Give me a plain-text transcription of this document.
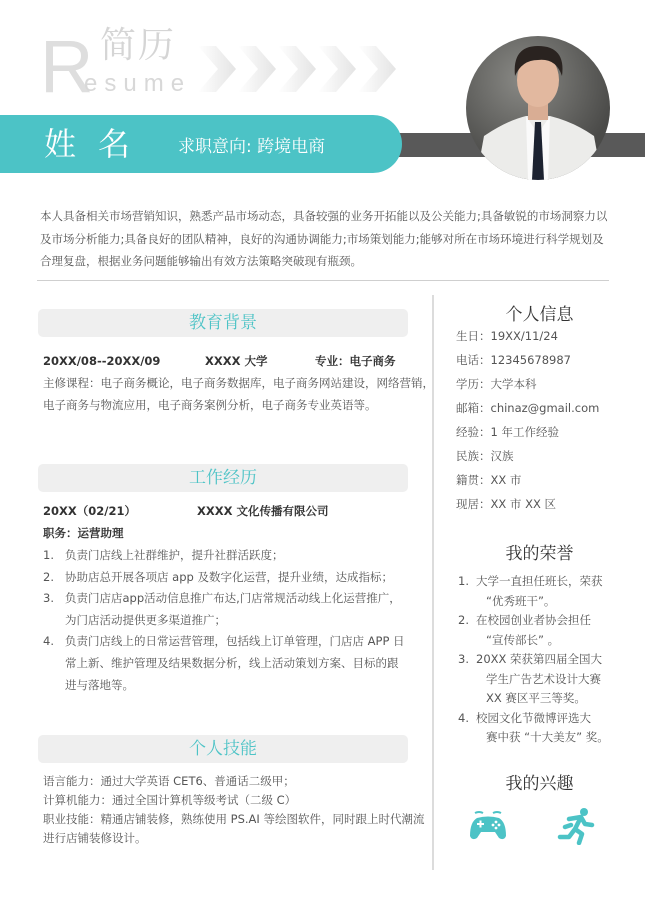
R 简历
esume
姓名 求职意向: 跨境电商
本人具备相关市场营销知识，熟悉产品市场动态，具备较强的业务开拓能以及公关能力;具备敏锐的市场洞察力以及市场分析能力;具备良好的团队精神，良好的沟通协调能力;市场策划能力;能够对所在市场环境进行科学规划及合理复盘，根据业务问题能够输出有效方法策略突破现有瓶颈。
教育背景
20XX/08--20XX/09	XXXX 大学	专业：电子商务
主修课程：电子商务概论，电子商务数据库，电子商务网站建设，网络营销，
电子商务与物流应用，电子商务案例分析，电子商务专业英语等。
工作经历
20XX（02/21）	XXXX 文化传播有限公司
职务：运营助理
1. 负责门店线上社群维护，提升社群活跃度；
2. 协助店总开展各项店 app 及数字化运营，提升业绩，达成指标；
3. 负责门店店app活动信息推广布达,门店常规活动线上化运营推广，
为门店活动提供更多渠道推广；
4. 负责门店线上的日常运营管理，包括线上订单管理，门店店 APP 日
常上新、维护管理及结果数据分析，线上活动策划方案、目标的跟
进与落地等。
个人技能
语言能力：通过大学英语 CET6、普通话二级甲；
计算机能力：通过全国计算机等级考试（二级 C）
职业技能：精通店铺装修，熟练使用 PS.AI 等绘图软件，同时跟上时代潮流
进行店铺装修设计。
个人信息
生日：19XX/11/24
电话：12345678987
学历：大学本科
邮箱：chinaz@gmail.com
经验：1 年工作经验
民族：汉族
籍贯：XX 市
现居：XX 市 XX 区
我的荣誉
1. 大学一直担任班长，荣获
“优秀班干”。
2. 在校园创业者协会担任
“宣传部长” 。
3. 20XX 荣获第四届全国大
学生广告艺术设计大赛
XX 赛区平三等奖。
4. 校园文化节微博评选大
赛中获 “十大美友” 奖。
我的兴趣
